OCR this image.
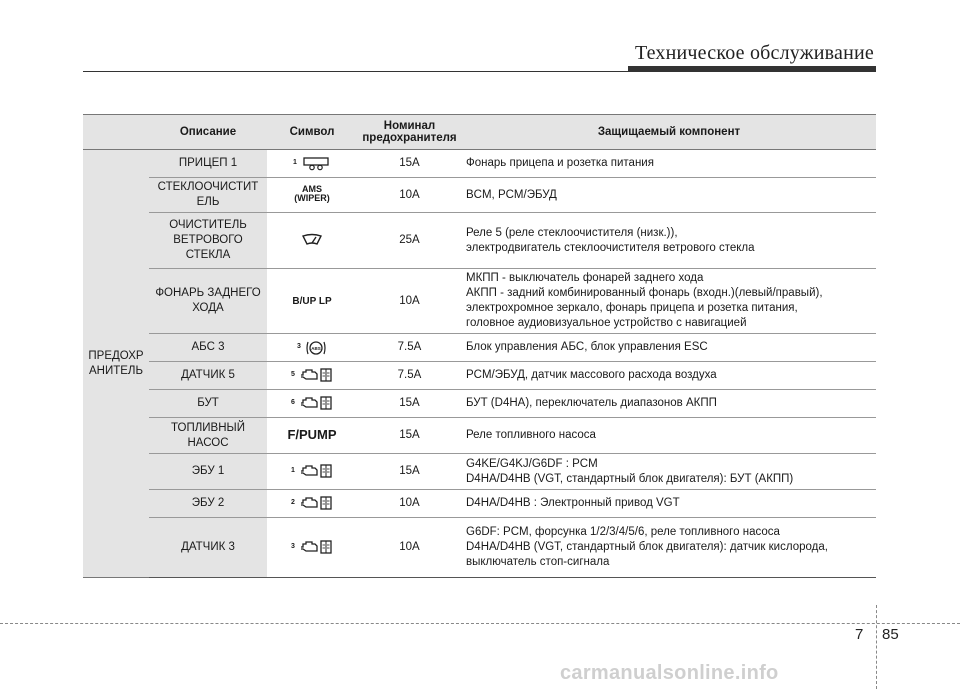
Техническое обслуживание
	Описание	Символ	Номинал предохранителя	Защищаемый компонент
ПРЕДОХР АНИТЕЛЬ	ПРИЦЕП 1	$^1$	15A	Фонарь прицепа и розетка питания

	СТЕКЛООЧИСТИТ ЕЛЬ	AMS (WIPER)	10A	BCM, PCM/ЭБУД

	ОЧИСТИТЕЛЬ ВЕТРОВОГО СТЕКЛА		25A	Реле 5 (реле стеклоочистителя (низк.)),
электродвигатель стеклоочистителя ветрового стекла

	ФОНАРЬ ЗАДНЕГО ХОДА	B/UP LP	10A	МКПП - выключатель фонарей заднего хода
АКПП - задний комбинированный фонарь (входн.)(левый/правый),
электрохромное зеркало, фонарь прицепа и розетка питания,
головное аудиовизуальное устройство с навигацией

	АБС 3	$^3$ ABS	7.5A	Блок управления АБС, блок управления ESC

	ДАТЧИК 5	$^5$	7.5A	PCM/ЭБУД, датчик массового расхода воздуха

	БУТ	$^6$	15A	БУТ (D4HA), переключатель диапазонов АКПП

	ТОПЛИВНЫЙ НАСОС	F/PUMP	15A	Реле топливного насоса

	ЭБУ 1	$^1$	15A	G4KE/G4KJ/G6DF : PCM
D4HA/D4HB (VGT, стандартный блок двигателя): БУТ (АКПП)

	ЭБУ 2	$^2$	10A	D4HA/D4HB : Электронный привод VGT

	ДАТЧИК 3	$^3$	10A	G6DF: PCM, форсунка 1/2/3/4/5/6, реле топливного насоса
D4HA/D4HB (VGT, стандартный блок двигателя): датчик кислорода,
выключатель стоп-сигнала
7 85
carmanualsonline.info
